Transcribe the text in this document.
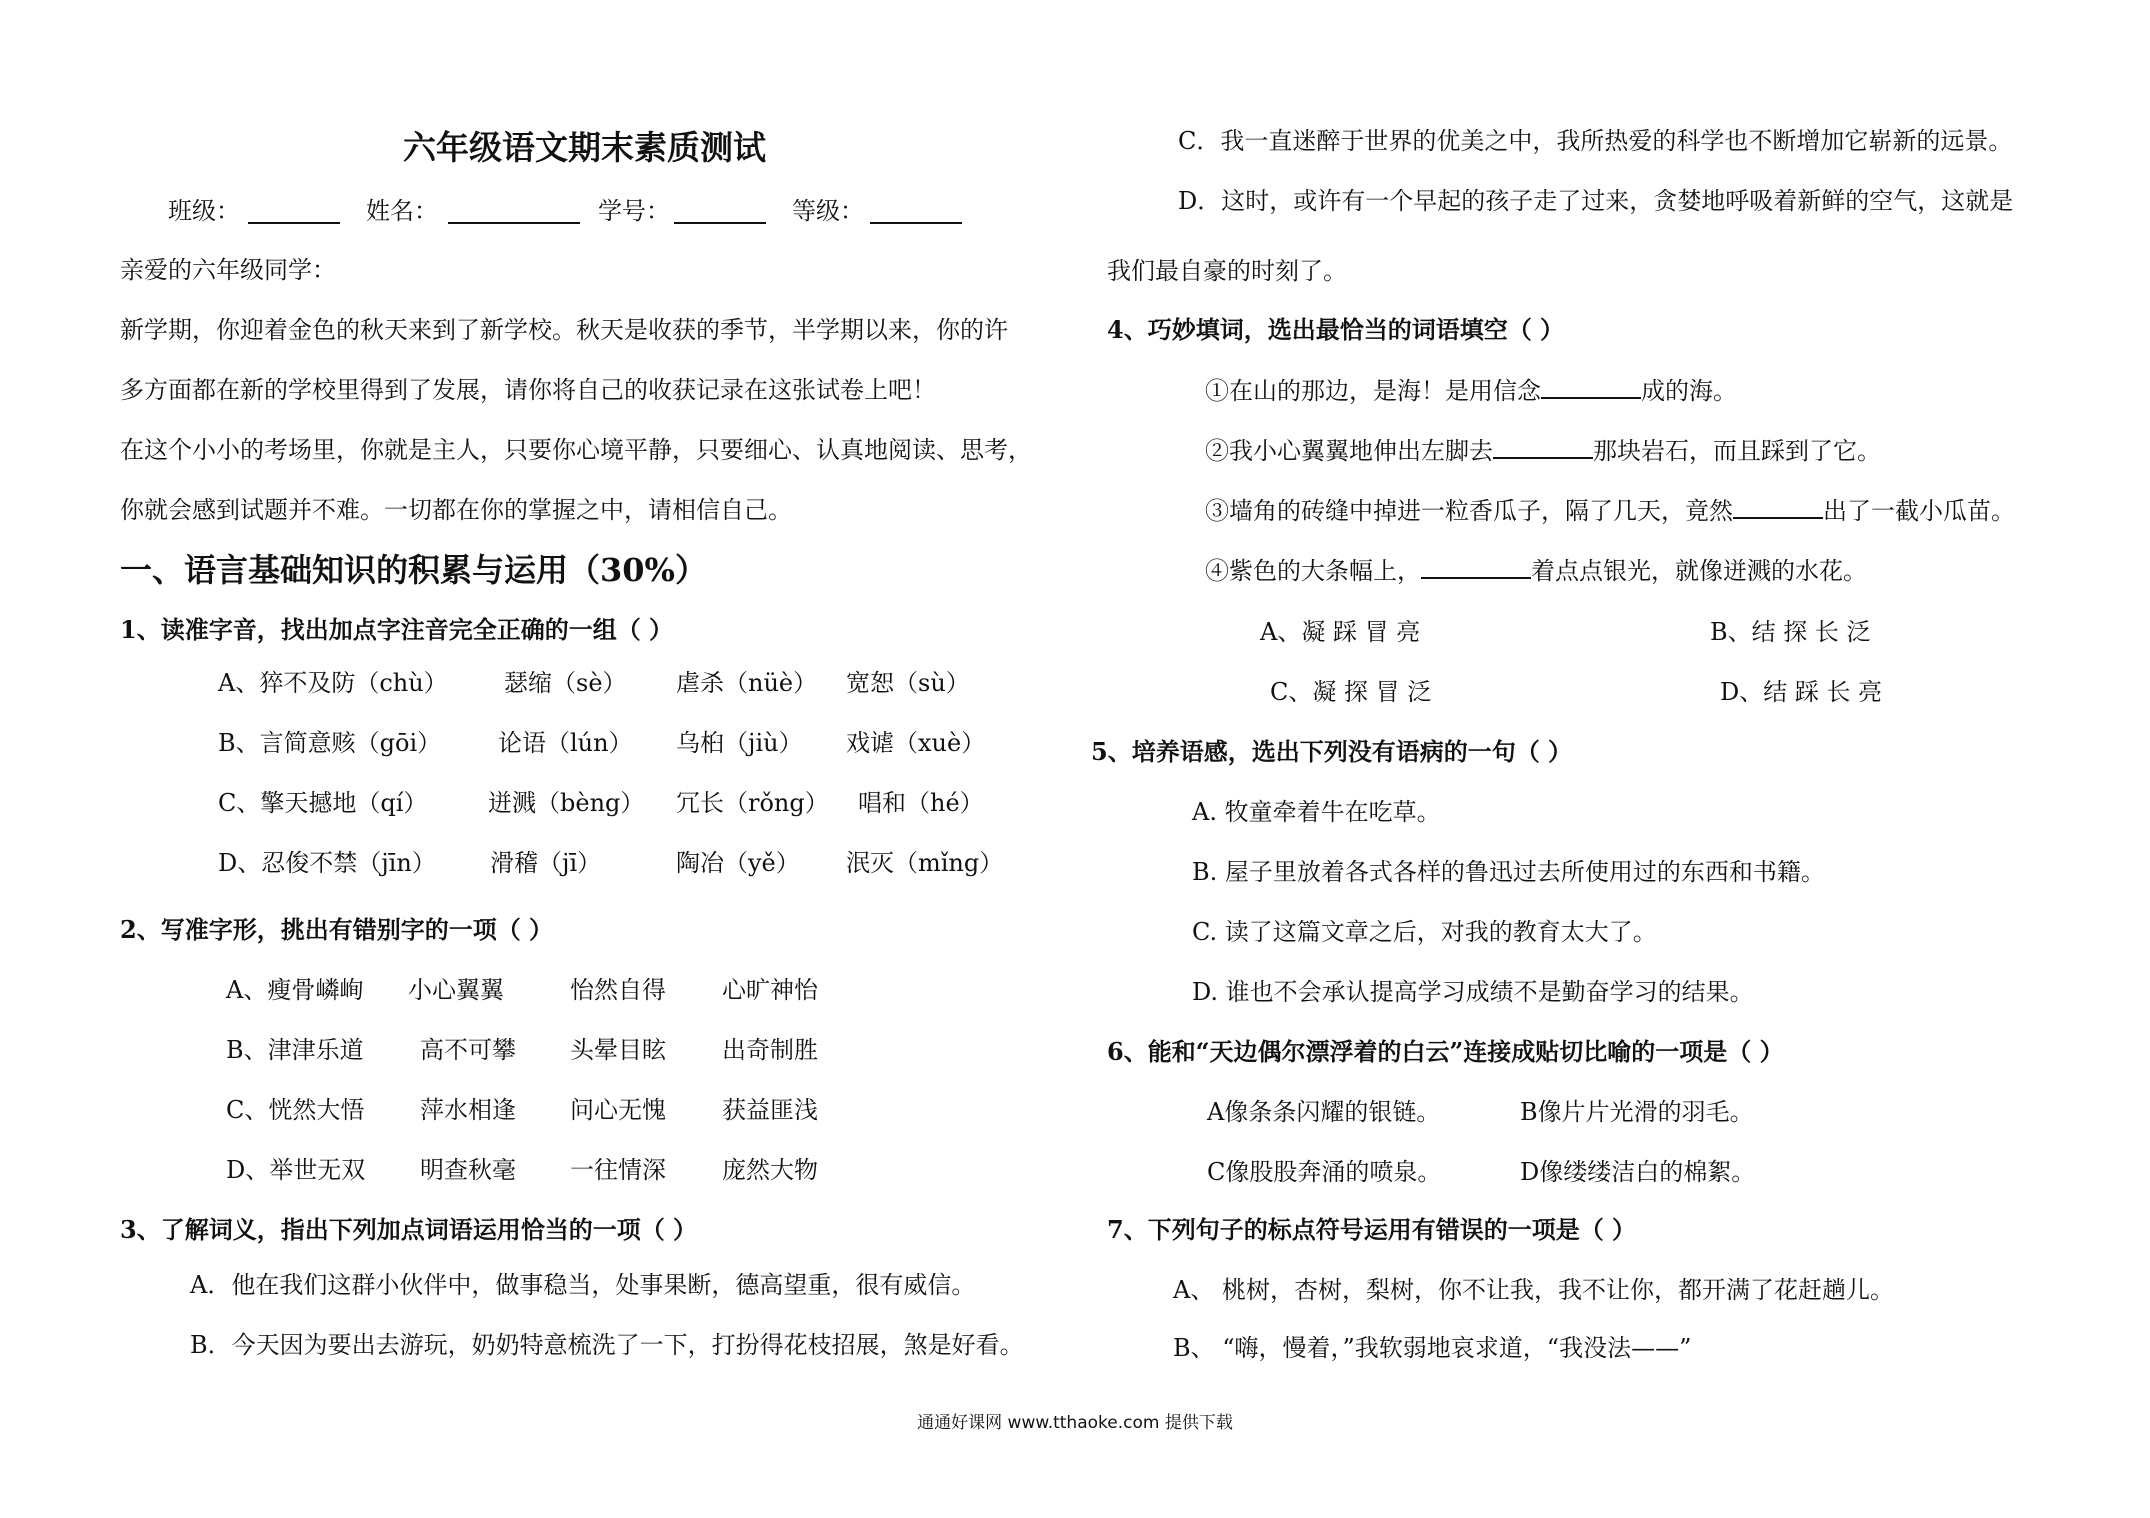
六年级语文期末素质测试
班级：	姓名：	学号：	等级：
亲爱的六年级同学：
新学期，你迎着金色的秋天来到了新学校。秋天是收获的季节，半学期以来，你的许
多方面都在新的学校里得到了发展，请你将自己的收获记录在这张试卷上吧！
在这个小小的考场里，你就是主人，只要你心境平静，只要细心、认真地阅读、思考，
你就会感到试题并不难。一切都在你的掌握之中，请相信自己。
一、语言基础知识的积累与运用（30%）
1、读准字音，找出加点字注音完全正确的一组（ ）
A、猝不及防（chù） 瑟缩（sè） 虐杀（nüè） 宽恕（sù）
B、言简意赅（gōi） 论语（lún） 乌桕（jiù） 戏谑（xuè）
C、擎天撼地（qí）	迸溅（bèng） 冗长（rǒng） 唱和（hé）
D、忍俊不禁（jīn） 滑稽（jī）	陶冶（yě） 泯灭（mǐng）
2、写准字形，挑出有错别字的一项（ ）
A、瘦骨嶙峋 小心翼翼	怡然自得 心旷神怡
B、津津乐道 高不可攀 头晕目眩 出奇制胜
C、恍然大悟 萍水相逢 问心无愧 获益匪浅
D、举世无双 明查秋毫 一往情深 庞然大物
3、了解词义，指出下列加点词语运用恰当的一项（ ）
A．他在我们这群小伙伴中，做事稳当，处事果断，德高望重，很有威信。
B．今天因为要出去游玩，奶奶特意梳洗了一下，打扮得花枝招展，煞是好看。
C．我一直迷醉于世界的优美之中，我所热爱的科学也不断增加它崭新的远景。
D．这时，或许有一个早起的孩子走了过来，贪婪地呼吸着新鲜的空气，这就是
我们最自豪的时刻了。
4、巧妙填词，选出最恰当的词语填空（ ）
①在山的那边，是海！是用信念	成的海。
②我小心翼翼地伸出左脚去	那块岩石，而且踩到了它。
③墙角的砖缝中掉进一粒香瓜子，隔了几天，竟然	出了一截小瓜苗。
④紫色的大条幅上，	着点点银光，就像迸溅的水花。
A、凝 踩 冒 亮	B、结 探 长 泛
C、凝 探 冒 泛	D、结 踩 长 亮
5、培养语感，选出下列没有语病的一句（ ）
A. 牧童牵着牛在吃草。
B. 屋子里放着各式各样的鲁迅过去所使用过的东西和书籍。
C. 读了这篇文章之后，对我的教育太大了。
D. 谁也不会承认提高学习成绩不是勤奋学习的结果。
6、能和“天边偶尔漂浮着的白云”连接成贴切比喻的一项是（ ）
A像条条闪耀的银链。	B像片片光滑的羽毛。
C像股股奔涌的喷泉。	D像缕缕洁白的棉絮。
7、下列句子的标点符号运用有错误的一项是（ ）
A、 桃树，杏树，梨树，你不让我，我不让你，都开满了花赶趟儿。
B、 “嗨，慢着，”我软弱地哀求道，“我没法——”
通通好课网 www.tthaoke.com 提供下载
